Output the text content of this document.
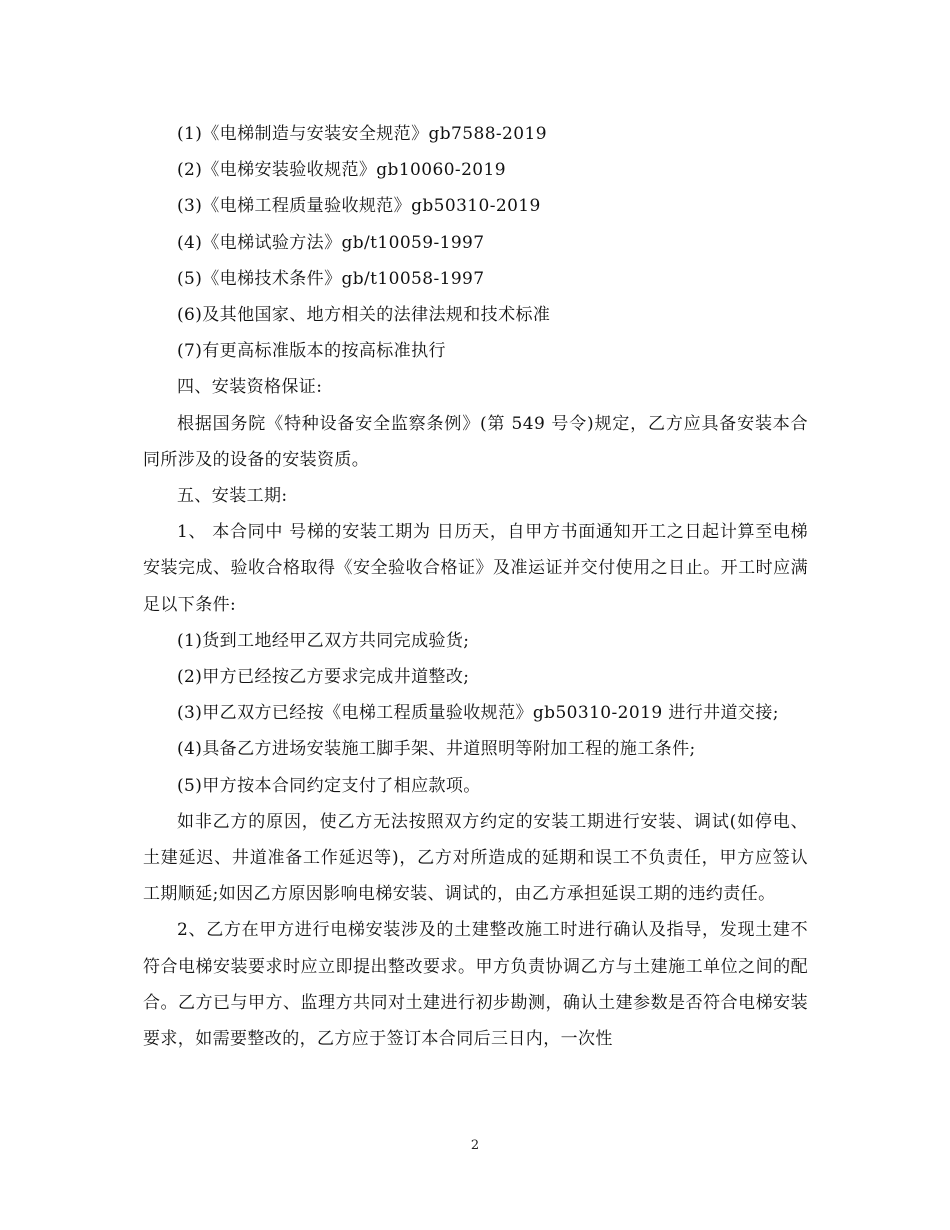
(1)《电梯制造与安装安全规范》gb7588-2019

(2)《电梯安装验收规范》gb10060-2019

(3)《电梯工程质量验收规范》gb50310-2019

(4)《电梯试验方法》gb/t10059-1997

(5)《电梯技术条件》gb/t10058-1997

(6)及其他国家、地方相关的法律法规和技术标准

(7)有更高标准版本的按高标准执行

四、安装资格保证:

根据国务院《特种设备安全监察条例》(第 549 号令)规定，乙方应具备安装本合同所涉及的设备的安装资质。

五、安装工期:

1、 本合同中 号梯的安装工期为 日历天，自甲方书面通知开工之日起计算至电梯安装完成、验收合格取得《安全验收合格证》及准运证并交付使用之日止。开工时应满足以下条件:

(1)货到工地经甲乙双方共同完成验货;

(2)甲方已经按乙方要求完成井道整改;

(3)甲乙双方已经按《电梯工程质量验收规范》gb50310-2019 进行井道交接;

(4)具备乙方进场安装施工脚手架、井道照明等附加工程的施工条件;

(5)甲方按本合同约定支付了相应款项。

如非乙方的原因，使乙方无法按照双方约定的安装工期进行安装、调试(如停电、土建延迟、井道准备工作延迟等)，乙方对所造成的延期和误工不负责任，甲方应签认工期顺延;如因乙方原因影响电梯安装、调试的，由乙方承担延误工期的违约责任。

2、乙方在甲方进行电梯安装涉及的土建整改施工时进行确认及指导，发现土建不符合电梯安装要求时应立即提出整改要求。甲方负责协调乙方与土建施工单位之间的配合。乙方已与甲方、监理方共同对土建进行初步勘测，确认土建参数是否符合电梯安装要求，如需要整改的，乙方应于签订本合同后三日内，一次性

2
